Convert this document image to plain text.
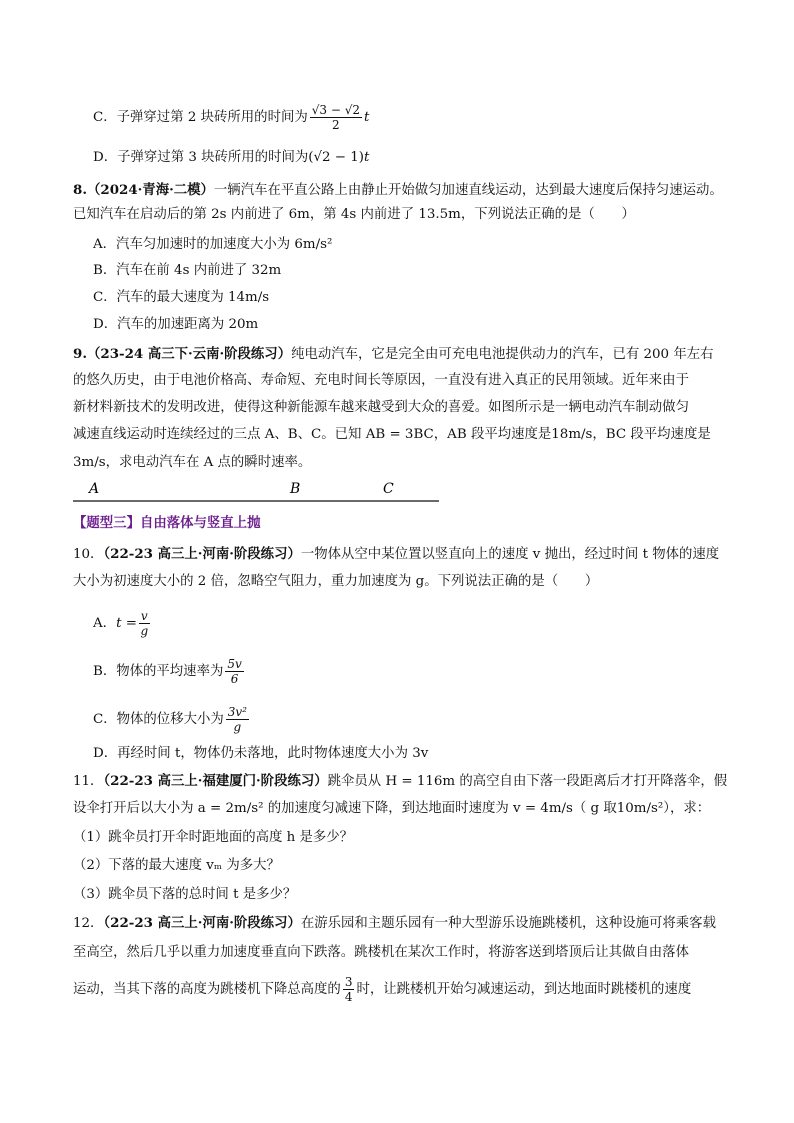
C．子弹穿过第 2 块砖所用的时间为 $\frac{√3 - √2}{2}$ t
D．子弹穿过第 3 块砖所用的时间为(√2 − 1)t
8.（2024·青海·二模）一辆汽车在平直公路上由静止开始做匀加速直线运动，达到最大速度后保持匀速运动。
已知汽车在启动后的第 2s 内前进了 6m，第 4s 内前进了 13.5m，下列说法正确的是（　　）
A．汽车匀加速时的加速度大小为 6m/s²
B．汽车在前 4s 内前进了 32m
C．汽车的最大速度为 14m/s
D．汽车的加速距离为 20m
9.（23-24 高三下·云南·阶段练习）纯电动汽车，它是完全由可充电电池提供动力的汽车，已有 200 年左右
的悠久历史，由于电池价格高、寿命短、充电时间长等原因，一直没有进入真正的民用领域。近年来由于
新材料新技术的发明改进，使得这种新能源车越来越受到大众的喜爱。如图所示是一辆电动汽车制动做匀
减速直线运动时连续经过的三点 A、B、C。已知 AB = 3BC，AB 段平均速度是18m/s，BC 段平均速度是
3m/s，求电动汽车在 A 点的瞬时速率。
A	B	C
【题型三】自由落体与竖直上抛
10．（22-23 高三上·河南·阶段练习）一物体从空中某位置以竖直向上的速度 v 抛出，经过时间 t 物体的速度
大小为初速度大小的 2 倍，忽略空气阻力，重力加速度为 g。下列说法正确的是（　　）
A．$t = \frac{v}{g}$
B．物体的平均速率为 $\frac{5v}{6}$
C．物体的位移大小为 $\frac{\text{3v²}}{g}$
D．再经时间 t，物体仍未落地，此时物体速度大小为 3v
11．（22-23 高三上·福建厦门·阶段练习）跳伞员从 H = 116m 的高空自由下落一段距离后才打开降落伞，假
设伞打开后以大小为 a = 2m/s² 的加速度匀减速下降，到达地面时速度为 v = 4m/s（ g 取10m/s²），求：
（1）跳伞员打开伞时距地面的高度 h 是多少？
（2）下落的最大速度 vₘ 为多大？
（3）跳伞员下落的总时间 t 是多少？
12．（22-23 高三上·河南·阶段练习）在游乐园和主题乐园有一种大型游乐设施跳楼机，这种设施可将乘客载
至高空，然后几乎以重力加速度垂直向下跌落。跳楼机在某次工作时，将游客送到塔顶后让其做自由落体
运动，当其下落的高度为跳楼机下降总高度的 $\frac{3}{4}$ 时，让跳楼机开始匀减速运动，到达地面时跳楼机的速度
